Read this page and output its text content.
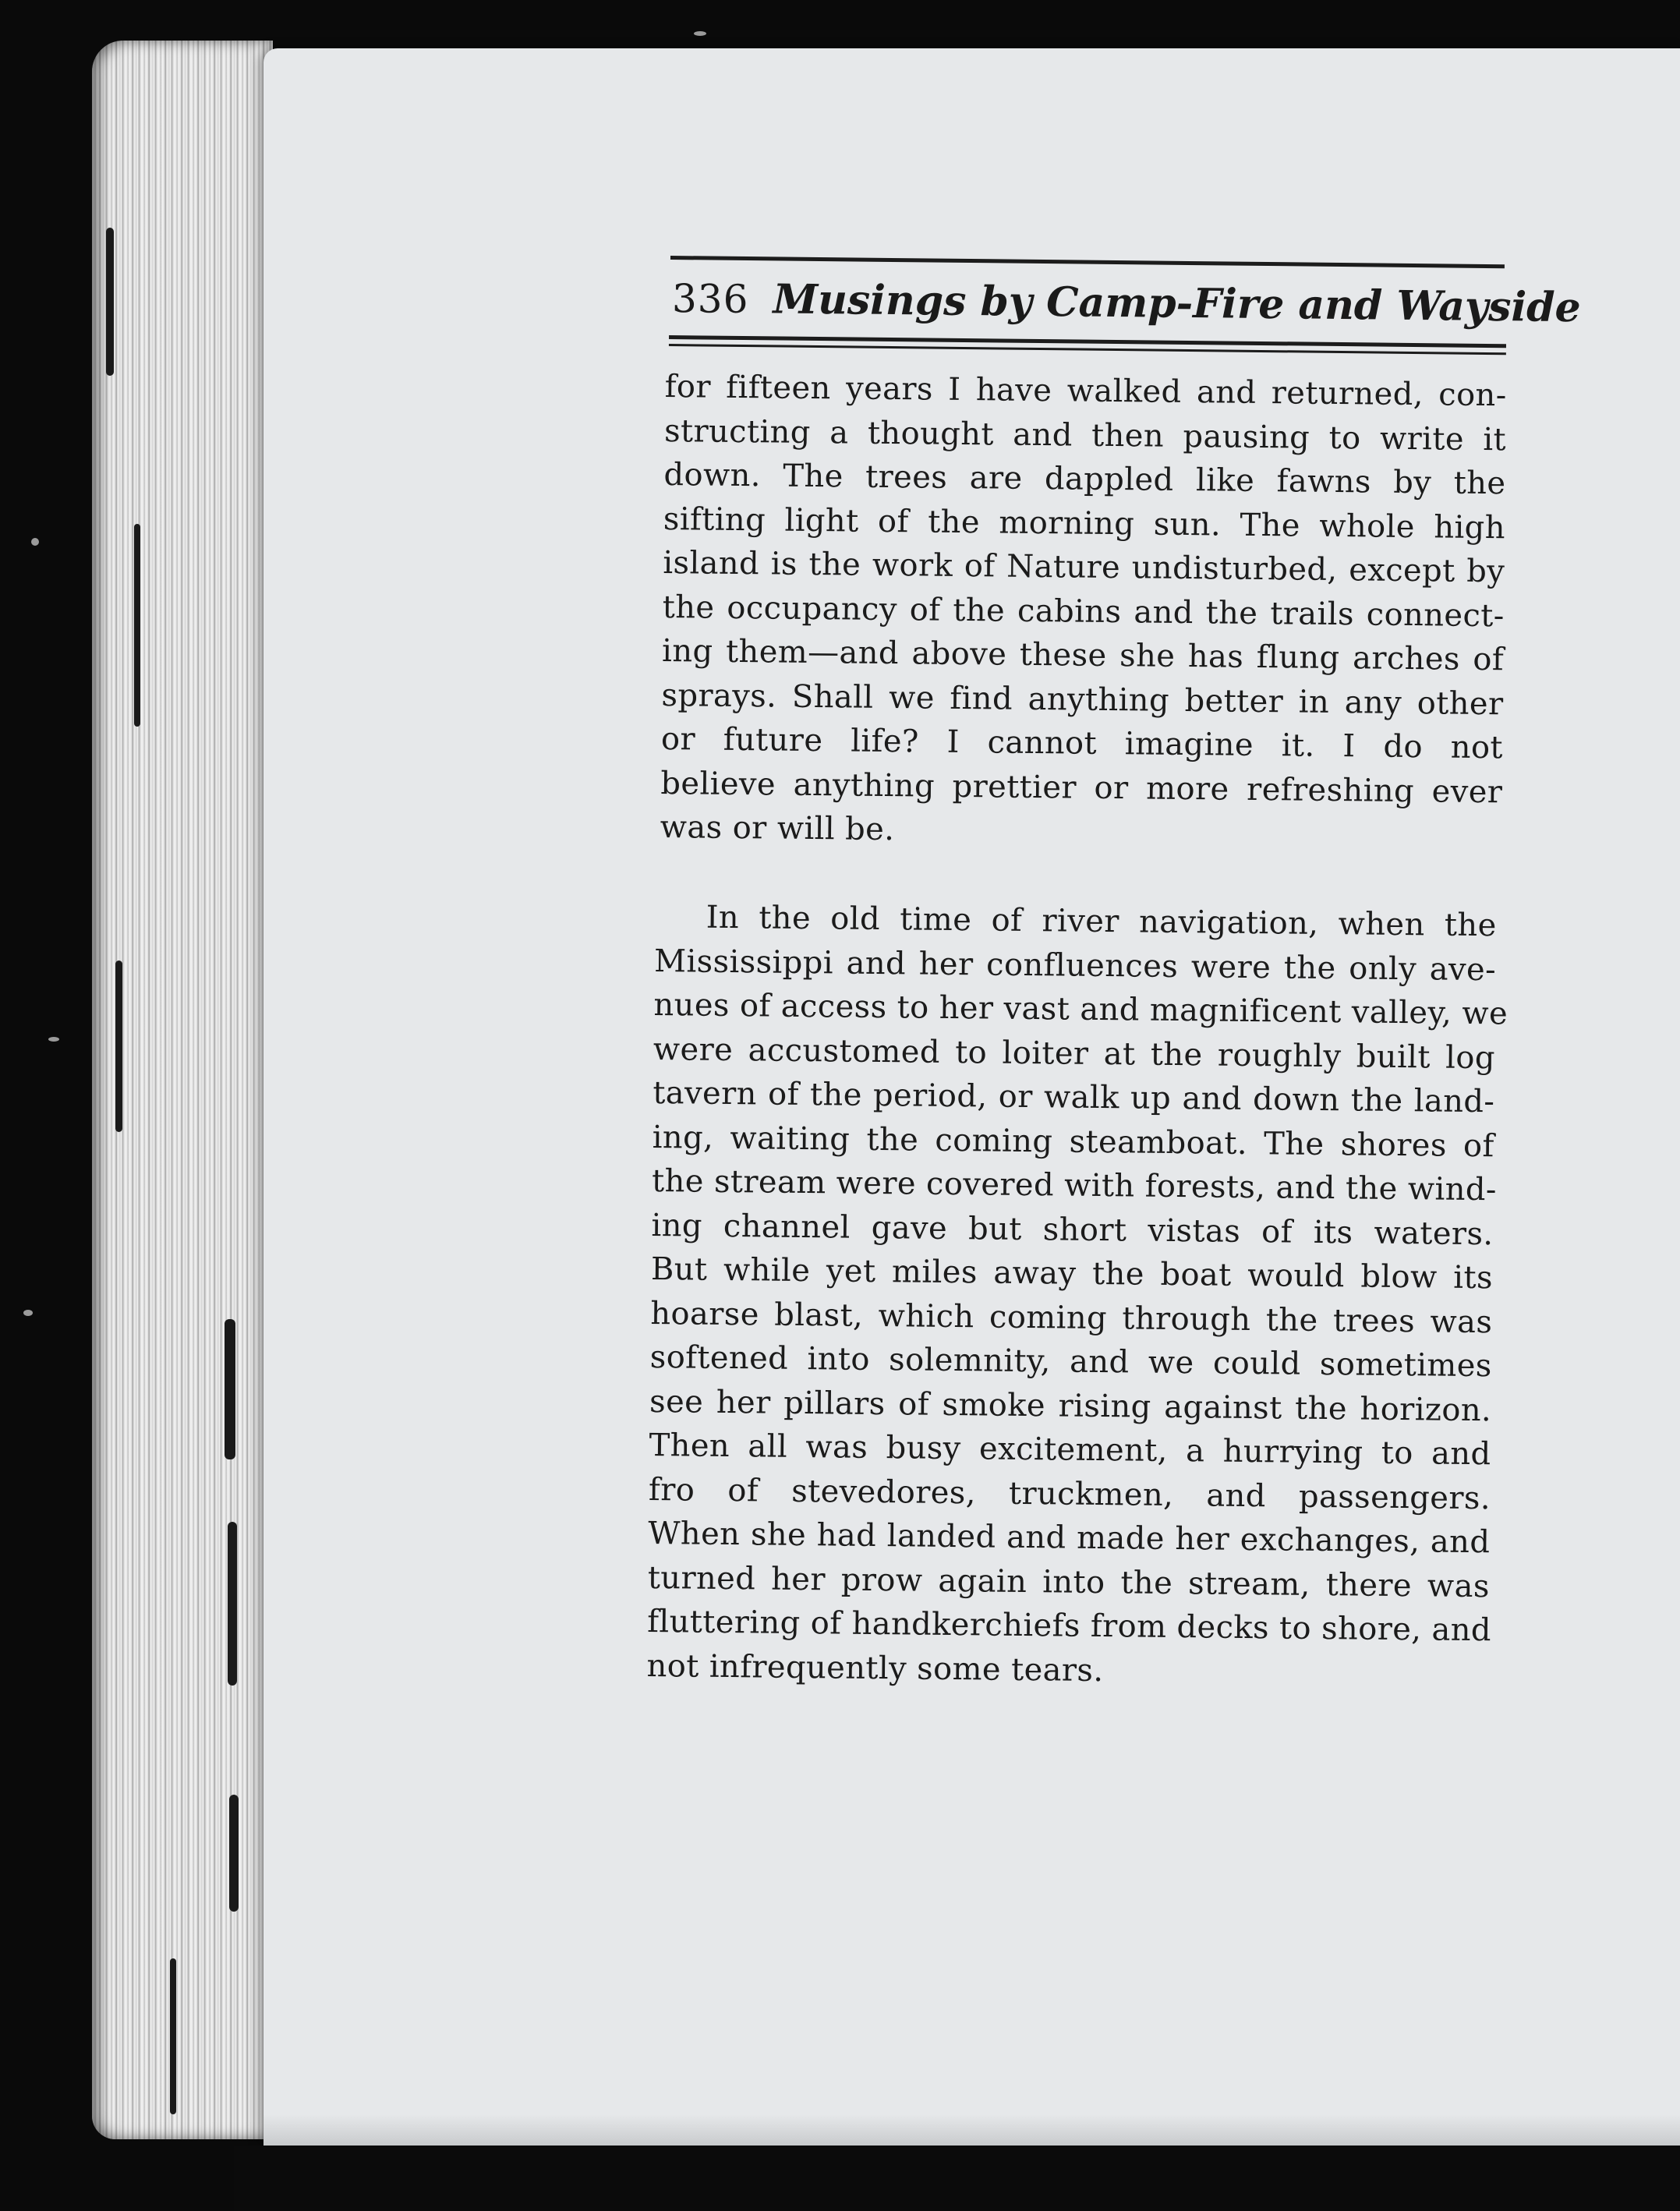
336 Musings by Camp-Fire and Wayside
for fifteen years I have walked and returned, con-
structing a thought and then pausing to write it
down. The trees are dappled like fawns by the
sifting light of the morning sun. The whole high
island is the work of Nature undisturbed, except by
the occupancy of the cabins and the trails connect-
ing them—and above these she has flung arches of
sprays. Shall we find anything better in any other
or future life? I cannot imagine it. I do not
believe anything prettier or more refreshing ever
was or will be.
In the old time of river navigation, when the
Mississippi and her confluences were the only ave-
nues of access to her vast and magnificent valley, we
were accustomed to loiter at the roughly built log
tavern of the period, or walk up and down the land-
ing, waiting the coming steamboat. The shores of
the stream were covered with forests, and the wind-
ing channel gave but short vistas of its waters.
But while yet miles away the boat would blow its
hoarse blast, which coming through the trees was
softened into solemnity, and we could sometimes
see her pillars of smoke rising against the horizon.
Then all was busy excitement, a hurrying to and
fro of stevedores, truckmen, and passengers.
When she had landed and made her exchanges, and
turned her prow again into the stream, there was
fluttering of handkerchiefs from decks to shore, and
not infrequently some tears.
